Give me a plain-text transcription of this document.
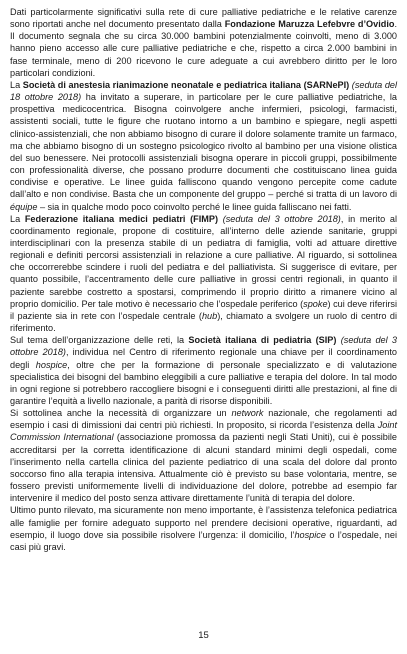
Dati particolarmente significativi sulla rete di cure palliative pediatriche e le relative carenze sono riportati anche nel documento presentato dalla Fondazione Maruzza Lefebvre d’Ovidio. Il documento segnala che su circa 30.000 bambini potenzialmente coinvolti, meno di 3.000 hanno pieno accesso alle cure palliative pediatriche e che, rispetto a circa 2.000 bambini in fase terminale, meno di 200 ricevono le cure adeguate a cui avrebbero diritto per le loro particolari condizioni.

La Società di anestesia rianimazione neonatale e pediatrica italiana (SARNePI) (seduta del 18 ottobre 2018) ha invitato a superare, in particolare per le cure palliative pediatriche, la prospettiva medicocentrica. Bisogna coinvolgere anche infermieri, psicologi, farmacisti, assistenti sociali, tutte le figure che ruotano intorno a un bambino e spiegare, negli aspetti clinico-assistenziali, che non abbiamo bisogno di curare il dolore solamente tramite un farmaco, ma che abbiamo bisogno di un sostegno psicologico rivolto al bambino per una visione olistica del suo benessere. Nei protocolli assistenziali bisogna operare in piccoli gruppi, possibilmente con professionalità diverse, che possano produrre documenti che costituiscano linea guida condivise e operative. Le linee guida falliscono quando vengono percepite come cadute dall’alto e non condivise. Basta che un componente del gruppo – perché si tratta di un lavoro di équipe – sia in qualche modo poco coinvolto perché le linee guida falliscano nei fatti.

La Federazione italiana medici pediatri (FIMP) (seduta del 3 ottobre 2018), in merito al coordinamento regionale, propone di costituire, all’interno delle aziende sanitarie, gruppi interdisciplinari con la presenza stabile di un pediatra di famiglia, volti ad attuare direttive regionali e definiti percorsi assistenziali in relazione a cure palliative. Al riguardo, si sottolinea che occorrerebbe scindere i ruoli del pediatra e del palliativista. Si suggerisce di evitare, per quanto possibile, l’accentramento delle cure palliative in grossi centri regionali, in quanto il paziente sarebbe costretto a spostarsi, comprimendo il proprio diritto a rimanere vicino al proprio domicilio. Per tale motivo è necessario che l’ospedale periferico (spoke) cui deve riferirsi il paziente sia in rete con l’ospedale centrale (hub), chiamato a svolgere un ruolo di centro di riferimento.

Sul tema dell’organizzazione delle reti, la Società italiana di pediatria (SIP) (seduta del 3 ottobre 2018), individua nel Centro di riferimento regionale una chiave per il coordinamento degli hospice, oltre che per la formazione di personale specializzato e di valutazione specialistica dei bisogni del bambino eleggibili a cure palliative e terapia del dolore. In tal modo in ogni regione si potrebbero raccogliere bisogni e i conseguenti diritti alle prestazioni, al fine di garantire l’equità a livello nazionale, a parità di risorse disponibili.

Si sottolinea anche la necessità di organizzare un network nazionale, che regolamenti ad esempio i casi di dimissioni dai centri più richiesti. In proposito, si ricorda l’esistenza della Joint Commission International (associazione promossa da pazienti negli Stati Uniti), cui è possibile accreditarsi per la corretta identificazione di alcuni standard minimi degli ospedali, come l’inserimento nella cartella clinica del paziente pediatrico di una scala del dolore dal pronto soccorso fino alla terapia intensiva. Attualmente ciò è previsto su base volontaria, mentre, se fossero previsti uniformemente livelli di individuazione del dolore, potrebbe ad esempio far intervenire il medico del posto senza attivare direttamente l’unità di terapia del dolore.

Ultimo punto rilevato, ma sicuramente non meno importante, è l’assistenza telefonica pediatrica alle famiglie per fornire adeguato supporto nel prendere decisioni operative, riguardanti, ad esempio, il luogo dove sia possibile risolvere l’urgenza: il domicilio, l’hospice o l’ospedale, nei casi più gravi.

15
